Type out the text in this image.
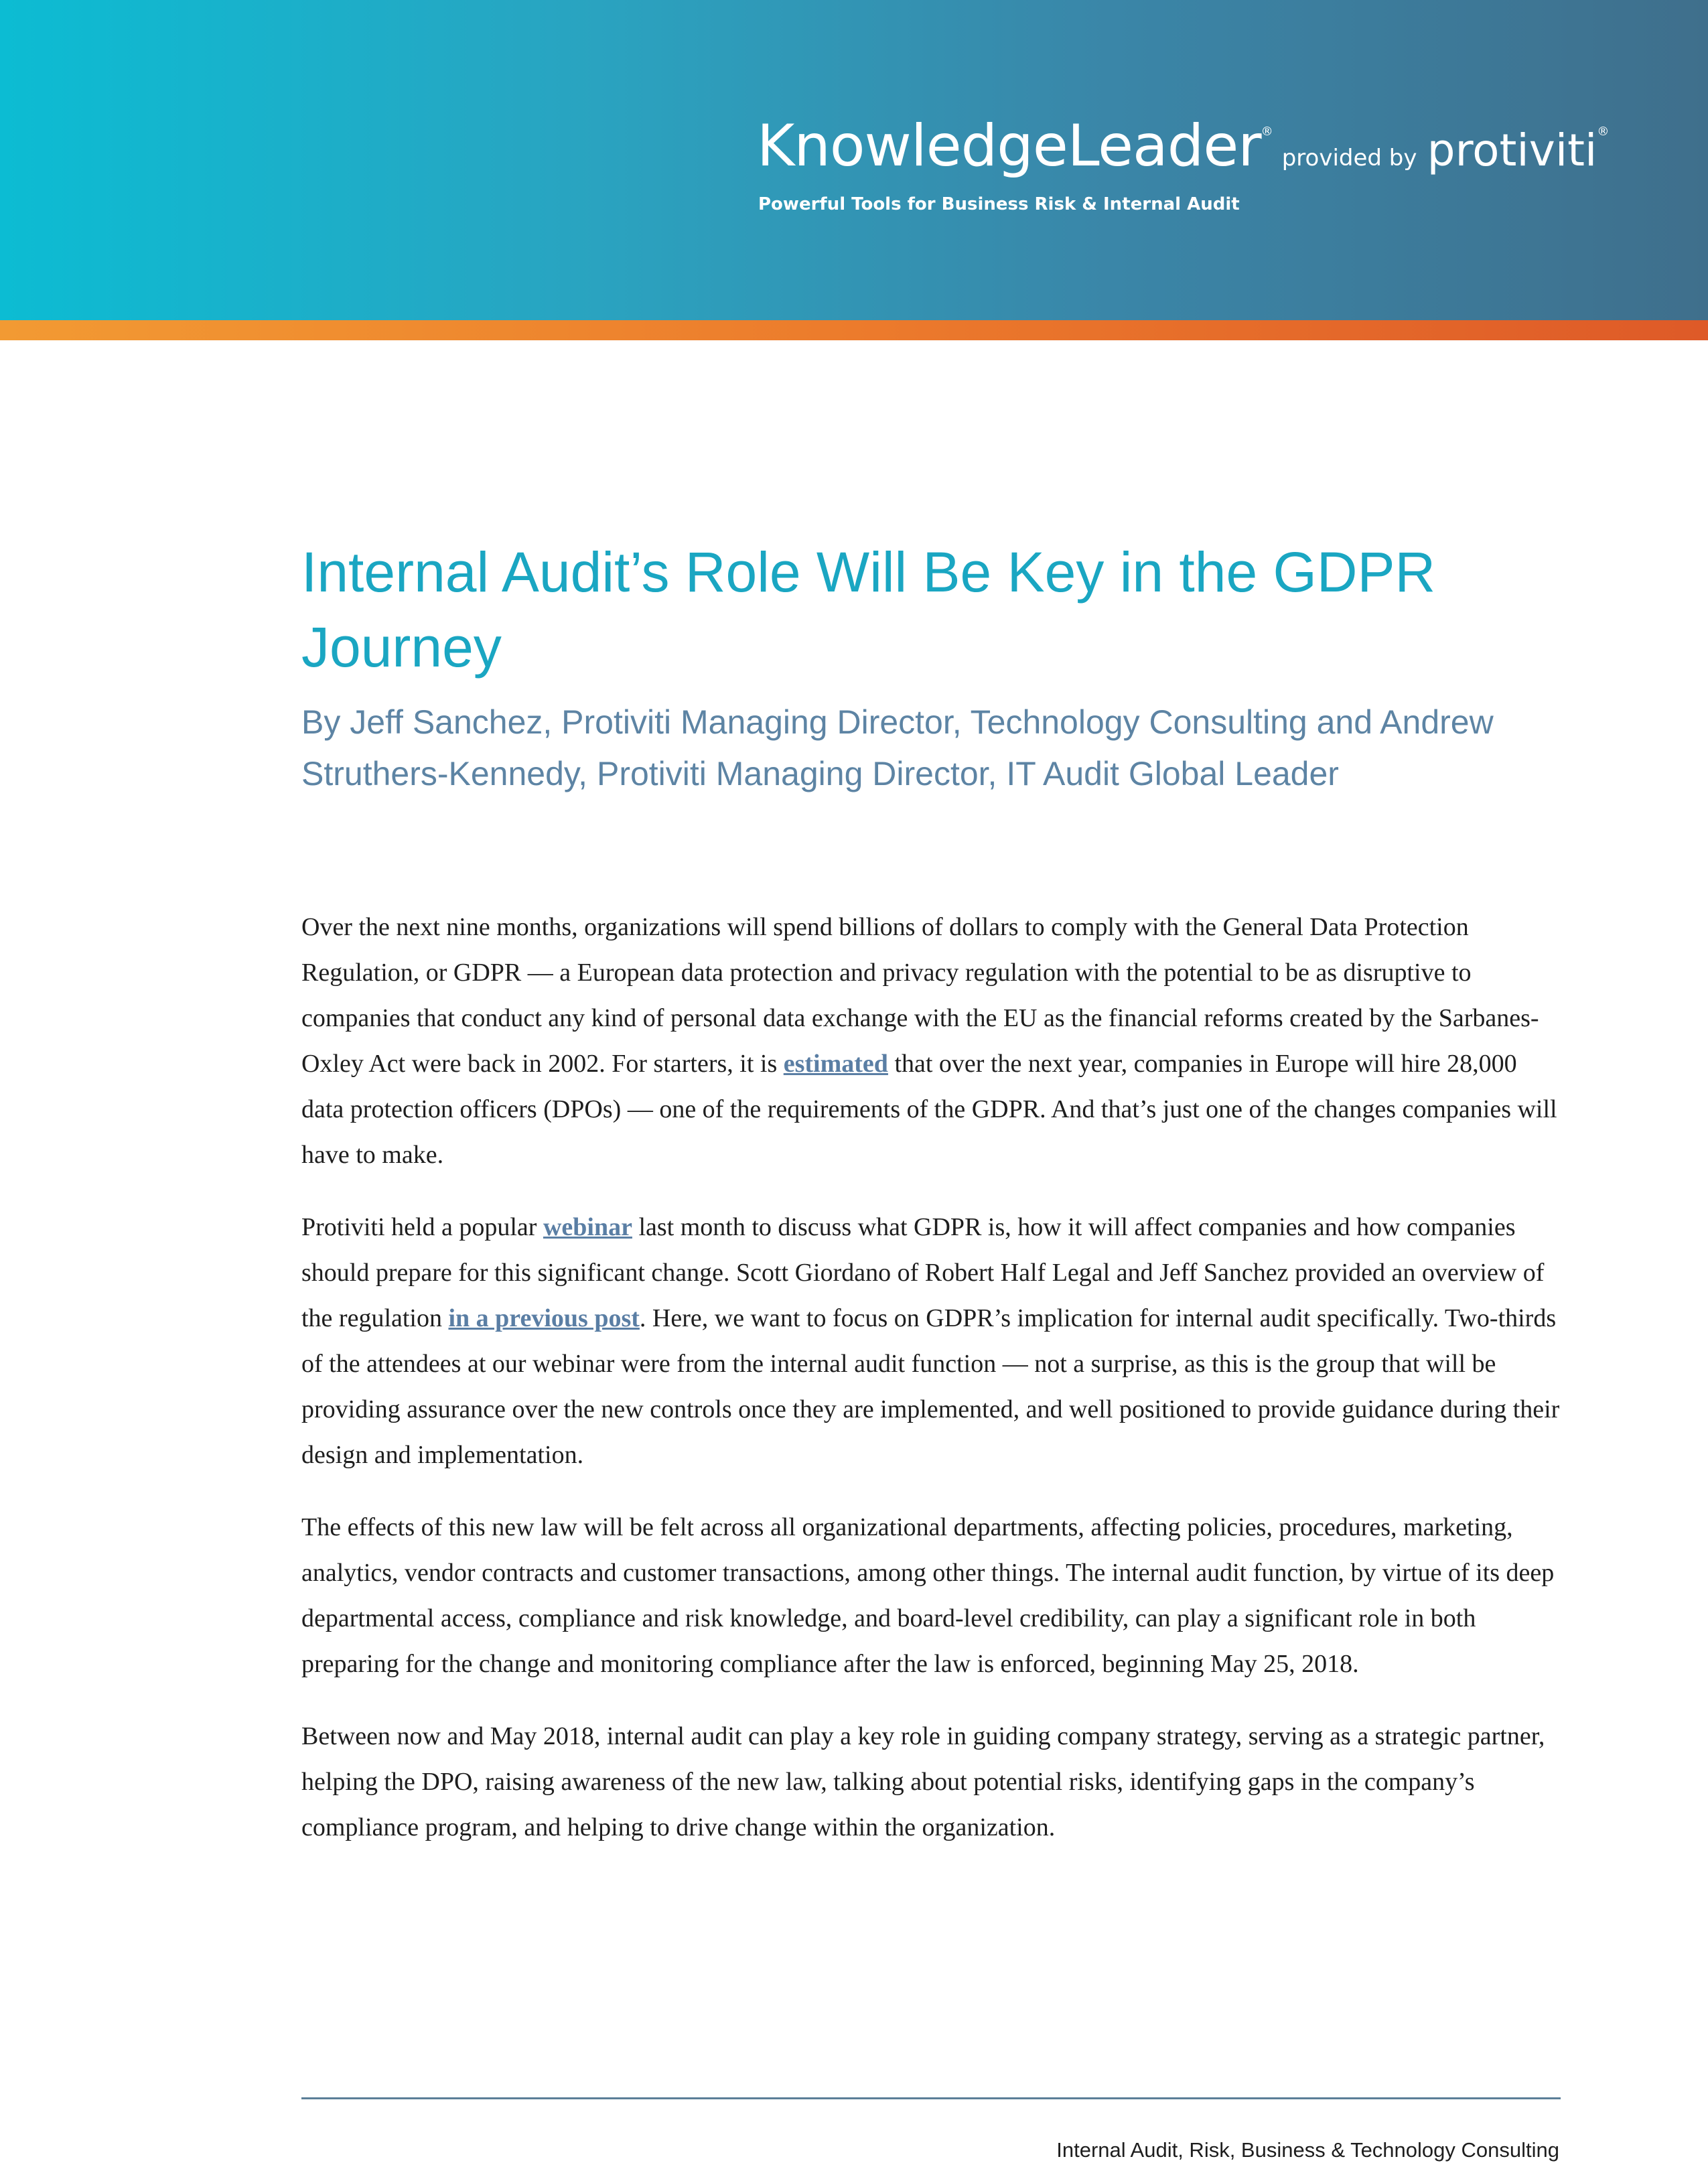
KnowledgeLeader® provided by protiviti®
Powerful Tools for Business Risk & Internal Audit
Internal Audit’s Role Will Be Key in the GDPR Journey

By Jeff Sanchez, Protiviti Managing Director, Technology Consulting and Andrew Struthers-Kennedy, Protiviti Managing Director, IT Audit Global Leader

Over the next nine months, organizations will spend billions of dollars to comply with the General Data Protection Regulation, or GDPR — a European data protection and privacy regulation with the potential to be as disruptive to companies that conduct any kind of personal data exchange with the EU as the financial reforms created by the Sarbanes-Oxley Act were back in 2002. For starters, it is estimated that over the next year, companies in Europe will hire 28,000 data protection officers (DPOs) — one of the requirements of the GDPR. And that’s just one of the changes companies will have to make.

Protiviti held a popular webinar last month to discuss what GDPR is, how it will affect companies and how companies should prepare for this significant change. Scott Giordano of Robert Half Legal and Jeff Sanchez provided an overview of the regulation in a previous post. Here, we want to focus on GDPR’s implication for internal audit specifically. Two-thirds of the attendees at our webinar were from the internal audit function — not a surprise, as this is the group that will be providing assurance over the new controls once they are implemented, and well positioned to provide guidance during their design and implementation.

The effects of this new law will be felt across all organizational departments, affecting policies, procedures, marketing, analytics, vendor contracts and customer transactions, among other things. The internal audit function, by virtue of its deep departmental access, compliance and risk knowledge, and board-level credibility, can play a significant role in both preparing for the change and monitoring compliance after the law is enforced, beginning May 25, 2018.

Between now and May 2018, internal audit can play a key role in guiding company strategy, serving as a strategic partner, helping the DPO, raising awareness of the new law, talking about potential risks, identifying gaps in the company’s compliance program, and helping to drive change within the organization.

Internal Audit, Risk, Business & Technology Consulting
